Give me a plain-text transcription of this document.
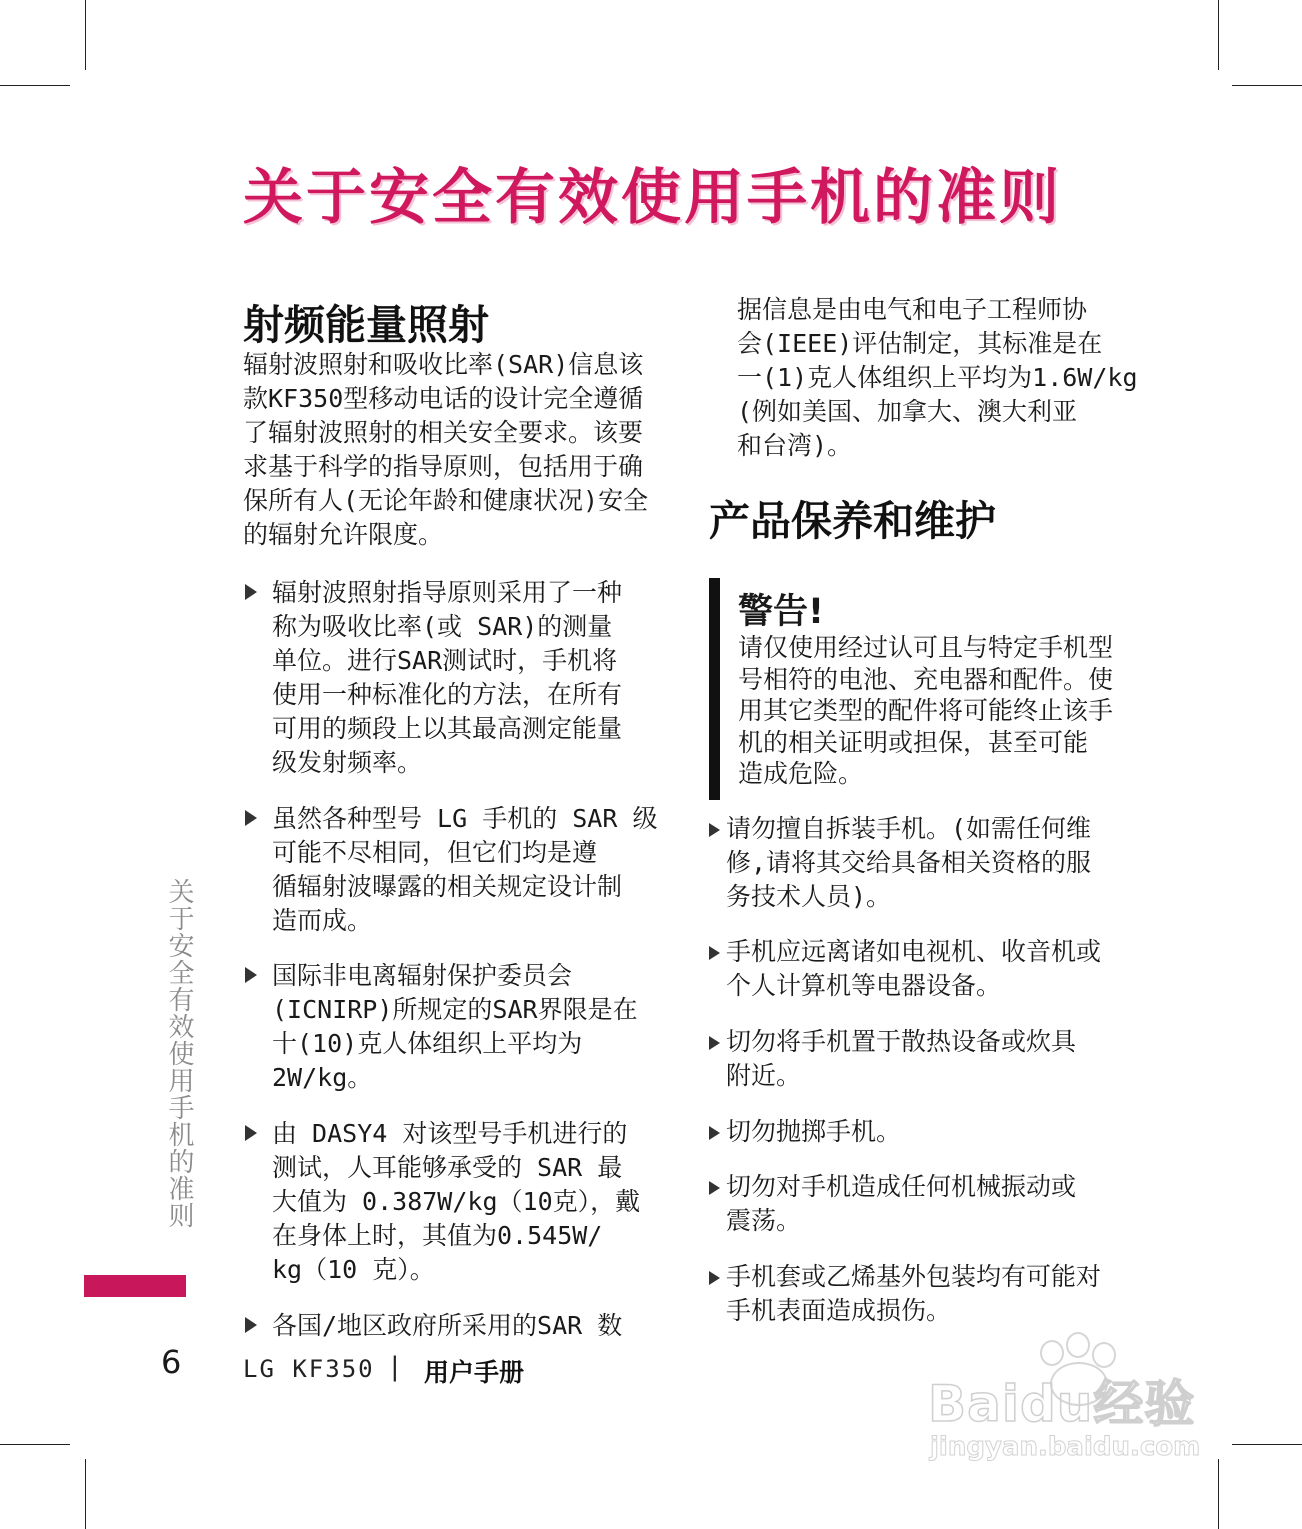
关于安全有效使用手机的准则
射频能量照射

辐射波照射和吸收比率(SAR)信息该
款KF350型移动电话的设计完全遵循
了辐射波照射的相关安全要求。该要
求基于科学的指导原则，包括用于确
保所有人(无论年龄和健康状况)安全
的辐射允许限度。

辐射波照射指导原则采用了一种
称为吸收比率(或 SAR)的测量
单位。进行SAR测试时，手机将
使用一种标准化的方法，在所有
可用的频段上以其最高测定能量
级发射频率。

虽然各种型号 LG 手机的 SAR 级
可能不尽相同，但它们均是遵
循辐射波曝露的相关规定设计制
造而成。

国际非电离辐射保护委员会
(ICNIRP)所规定的SAR界限是在
十(10)克人体组织上平均为
2W/kg。

由 DASY4 对该型号手机进行的
测试，人耳能够承受的 SAR 最
大值为 0.387W/kg（10克），戴
在身体上时，其值为0.545W/
kg（10 克）。

各国/地区政府所采用的SAR 数

据信息是由电气和电子工程师协
会(IEEE)评估制定，其标准是在
一(1)克人体组织上平均为1.6W/kg
(例如美国、加拿大、澳大利亚
和台湾)。

产品保养和维护
警告!

请仅使用经过认可且与特定手机型
号相符的电池、充电器和配件。使
用其它类型的配件将可能终止该手
机的相关证明或担保，甚至可能
造成危险。

请勿擅自拆装手机。(如需任何维
修,请将其交给具备相关资格的服
务技术人员)。

手机应远离诸如电视机、收音机或
个人计算机等电器设备。

切勿将手机置于散热设备或炊具
附近。

切勿抛掷手机。

切勿对手机造成任何机械振动或
震荡。

手机套或乙烯基外包装均有可能对
手机表面造成损伤。

关于安全有效使用手机的准则
6	LG KF350 | 用户手册
Baidu经验
jingyan.baidu.com
